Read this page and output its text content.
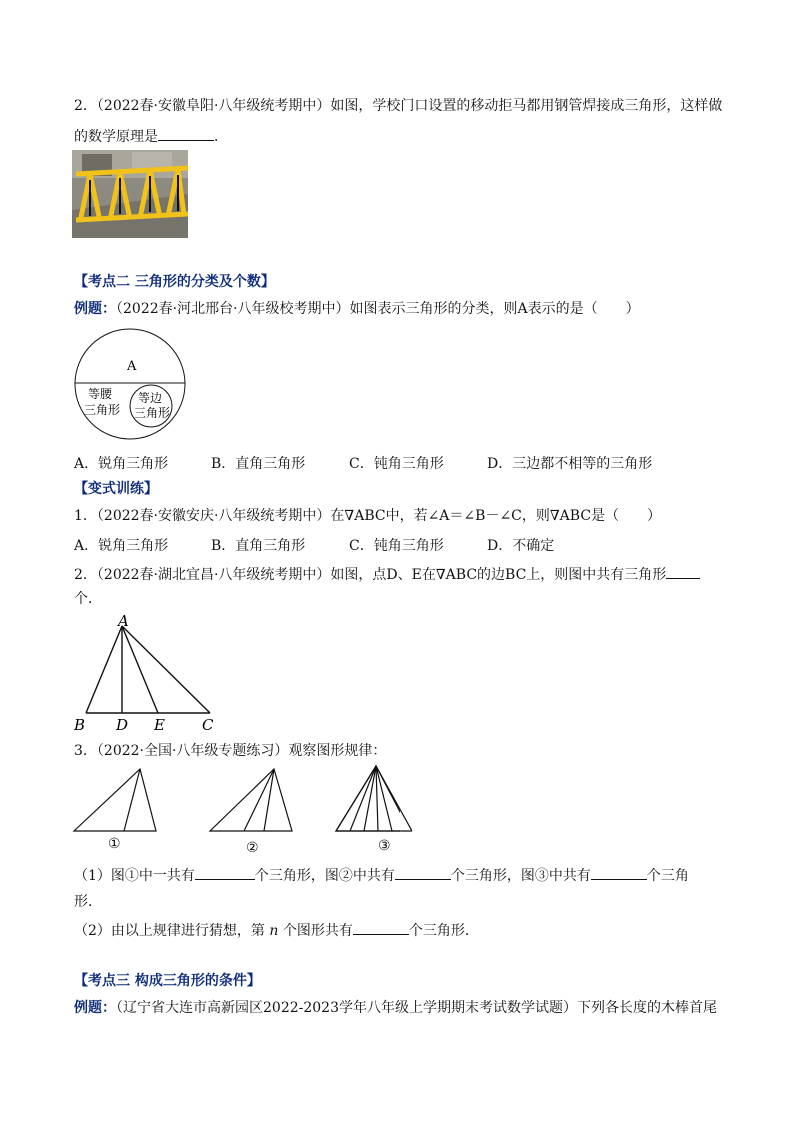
2．（2022春·安徽阜阳·八年级统考期中）如图，学校门口设置的移动拒马都用钢管焊接成三角形，这样做
的数学原理是	．
【考点二 三角形的分类及个数】
例题：（2022春·河北邢台·八年级校考期中）如图表示三角形的分类，则A表示的是（　　）
A
等腰
三角形
等边
三角形
A．锐角三角形	B．直角三角形	C．钝角三角形	D．三边都不相等的三角形
【变式训练】
1．（2022春·安徽安庆·八年级统考期中）在∇ABC中，若∠A＝∠B－∠C，则∇ABC是（　　）
A．锐角三角形	B．直角三角形	C．钝角三角形	D．不确定
2．（2022春·湖北宜昌·八年级统考期中）如图，点D、E在∇ABC的边BC上，则图中共有三角形
个．
A
B D E C
3．（2022·全国·八年级专题练习）观察图形规律：
①	②	③
（1）图①中一共有	个三角形，图②中共有	个三角形，图③中共有	个三角
形．
（2）由以上规律进行猜想，第 n 个图形共有	个三角形．
【考点三 构成三角形的条件】
例题：（辽宁省大连市高新园区2022-2023学年八年级上学期期末考试数学试题）下列各长度的木棒首尾
